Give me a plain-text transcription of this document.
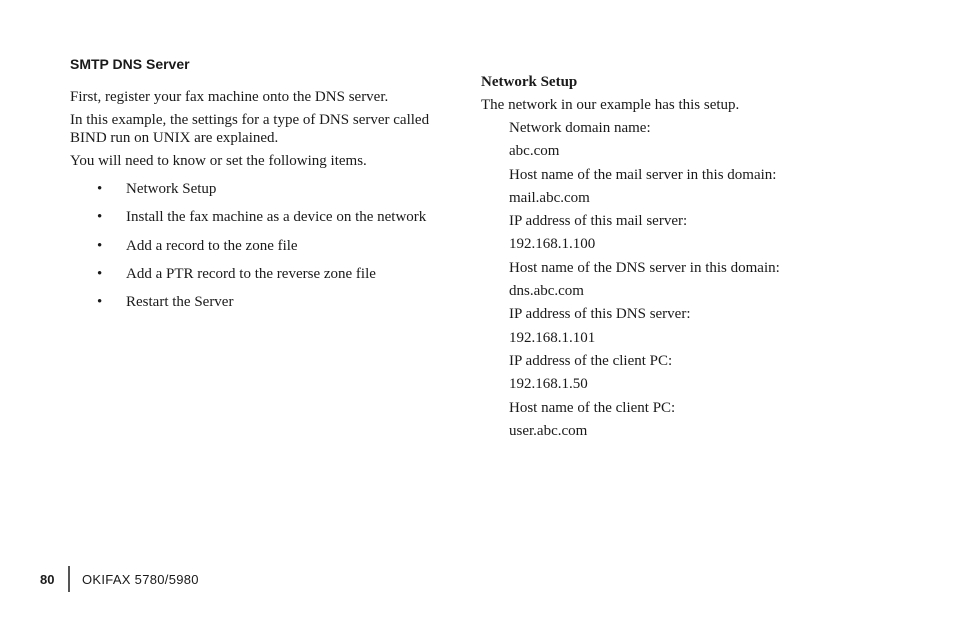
SMTP DNS Server

First, register your fax machine onto the DNS server.

In this example, the settings for a type of DNS server called BIND run on UNIX are explained.

You will need to know or set the following items.

• Network Setup
• Install the fax machine as a device on the network
• Add a record to the zone file
• Add a PTR record to the reverse zone file
• Restart the Server
Network Setup

The network in our example has this setup.

Network domain name:
abc.com
Host name of the mail server in this domain:
mail.abc.com
IP address of this mail server:
192.168.1.100
Host name of the DNS server in this domain:
dns.abc.com
IP address of this DNS server:
192.168.1.101
IP address of the client PC:
192.168.1.50
Host name of the client PC:
user.abc.com
80	OKIFAX 5780/5980
